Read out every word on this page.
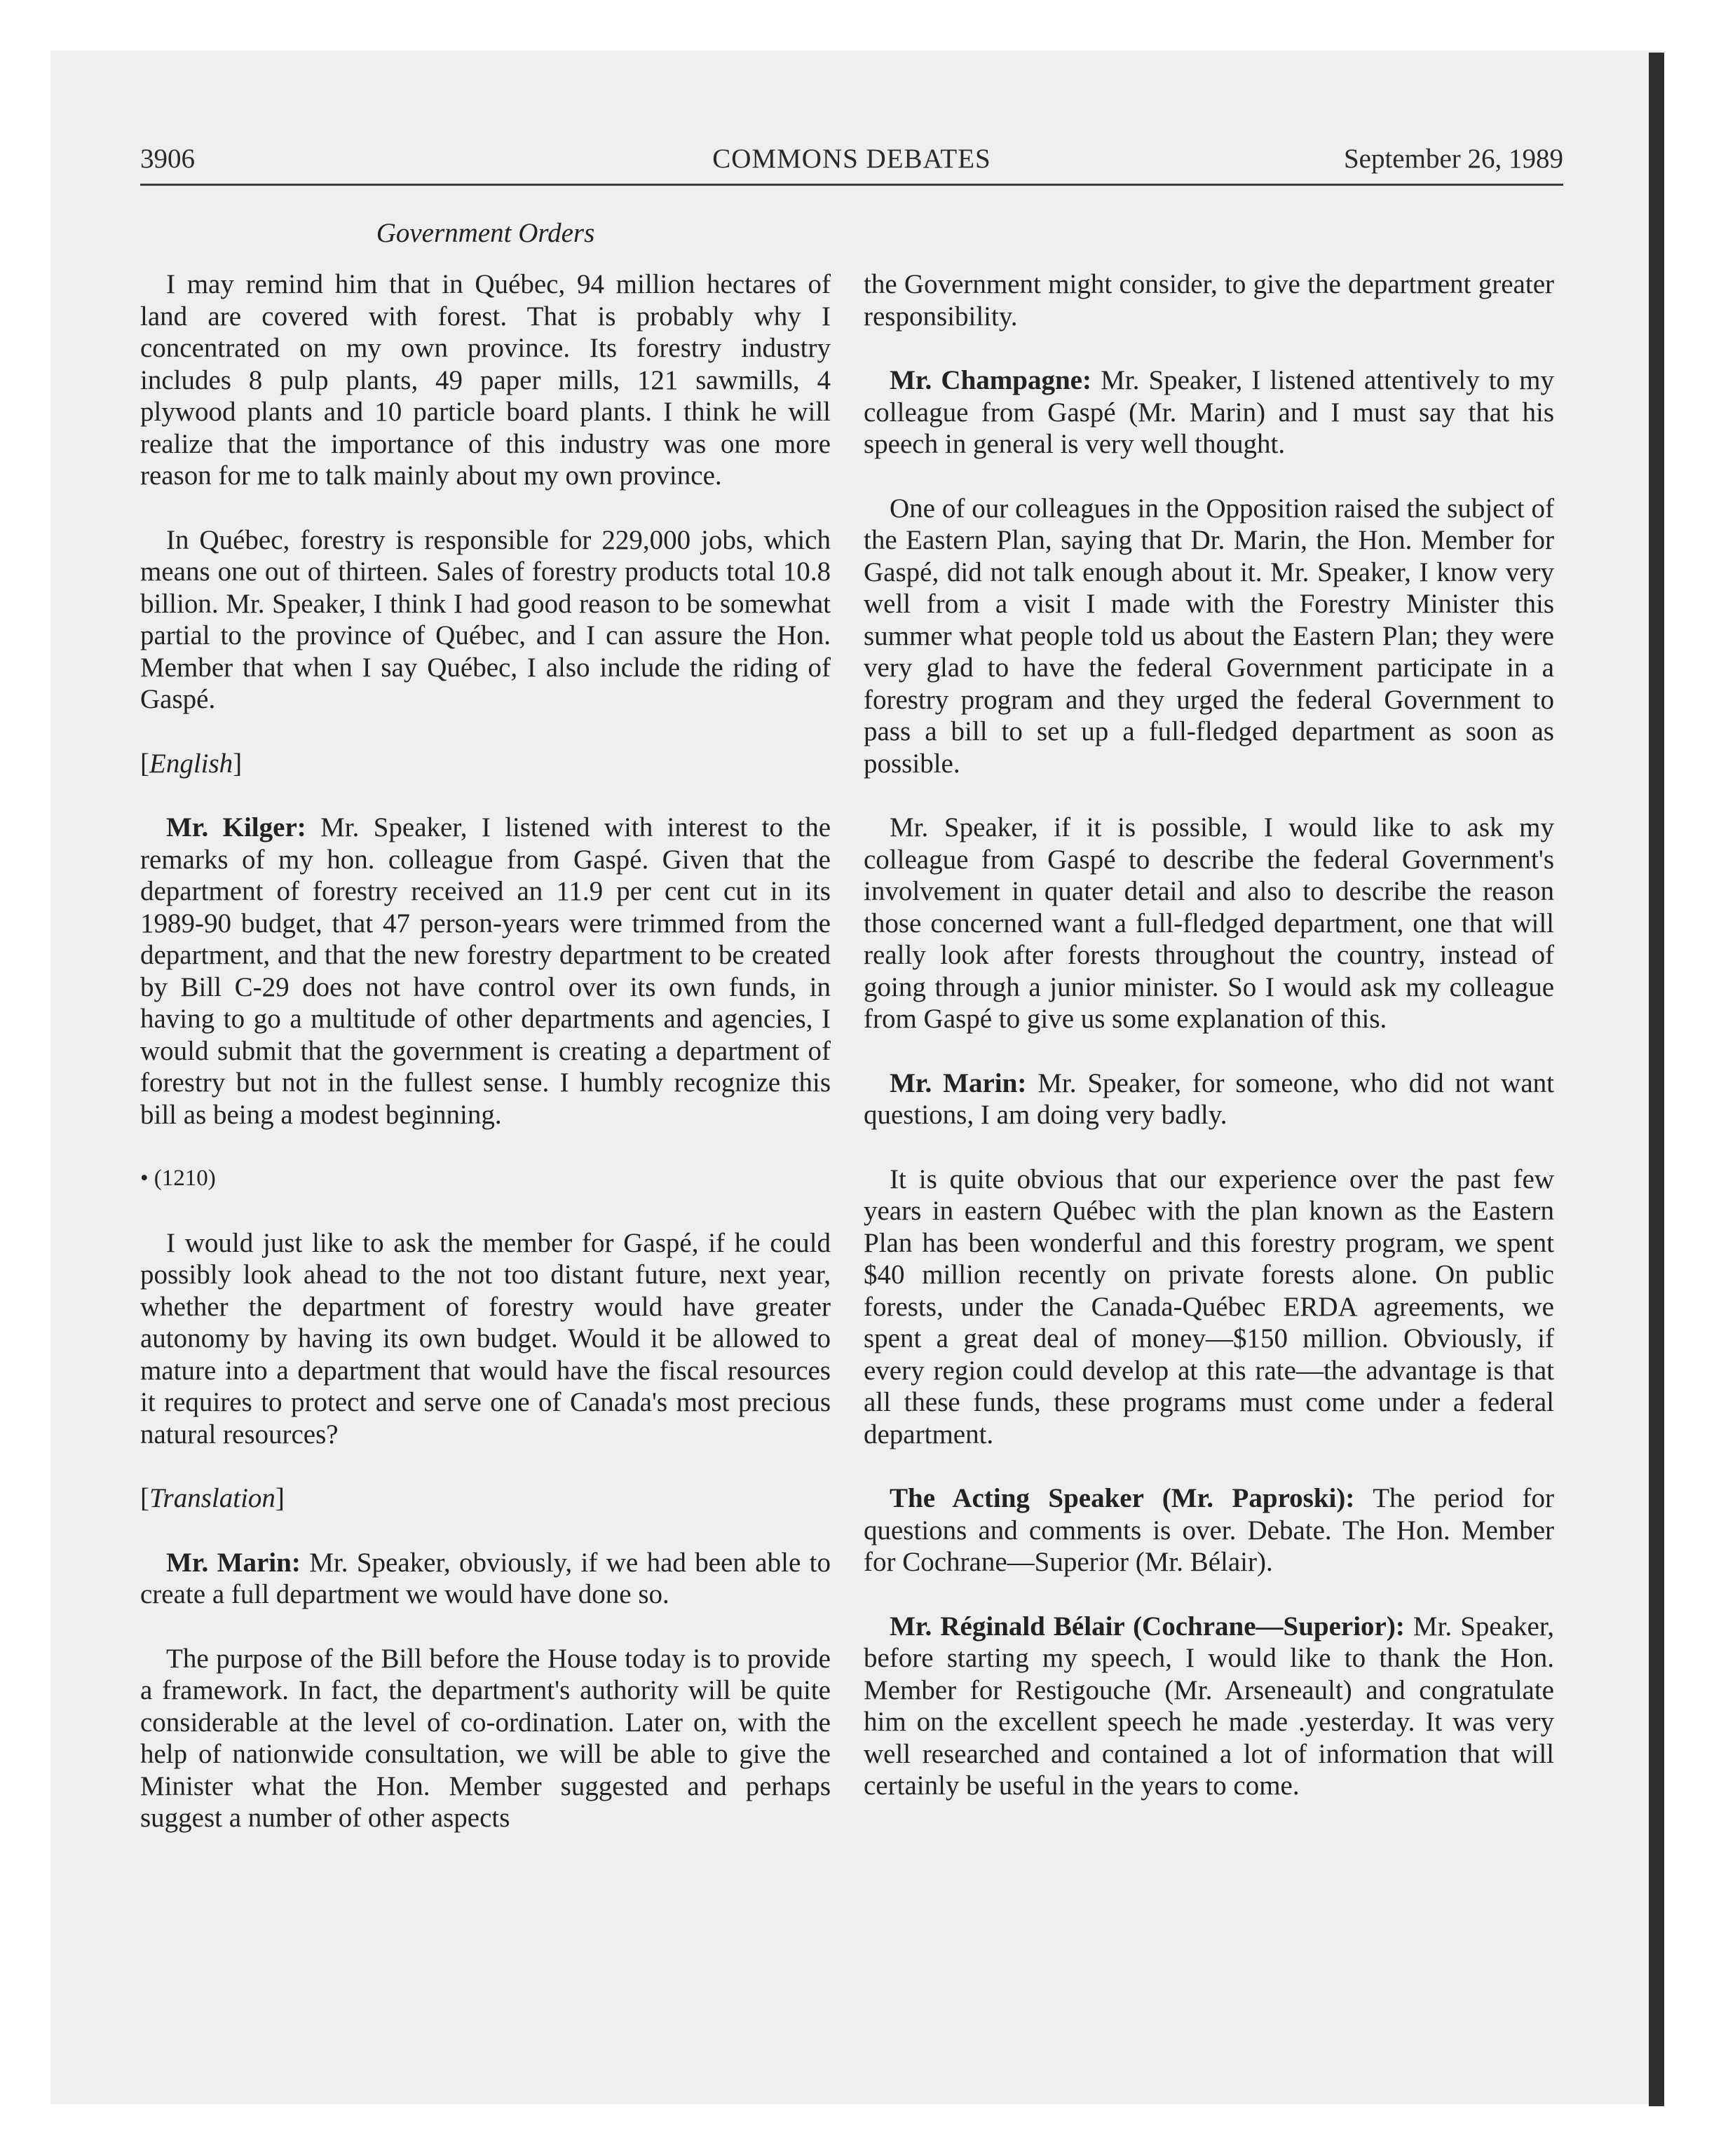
3906	COMMONS DEBATES	September 26, 1989
Government Orders

I may remind him that in Québec, 94 million hectares of land are covered with forest. That is probably why I concentrated on my own province. Its forestry industry includes 8 pulp plants, 49 paper mills, 121 sawmills, 4 plywood plants and 10 particle board plants. I think he will realize that the importance of this industry was one more reason for me to talk mainly about my own province.

In Québec, forestry is responsible for 229,000 jobs, which means one out of thirteen. Sales of forestry products total 10.8 billion. Mr. Speaker, I think I had good reason to be somewhat partial to the province of Québec, and I can assure the Hon. Member that when I say Québec, I also include the riding of Gaspé.

[English]

Mr. Kilger: Mr. Speaker, I listened with interest to the remarks of my hon. colleague from Gaspé. Given that the department of forestry received an 11.9 per cent cut in its 1989-90 budget, that 47 person-years were trimmed from the department, and that the new forestry department to be created by Bill C-29 does not have control over its own funds, in having to go a multitude of other departments and agencies, I would submit that the government is creating a department of forestry but not in the fullest sense. I humbly recognize this bill as being a modest beginning.

• (1210)

I would just like to ask the member for Gaspé, if he could possibly look ahead to the not too distant future, next year, whether the department of forestry would have greater autonomy by having its own budget. Would it be allowed to mature into a department that would have the fiscal resources it requires to protect and serve one of Canada's most precious natural resources?

[Translation]

Mr. Marin: Mr. Speaker, obviously, if we had been able to create a full department we would have done so.

The purpose of the Bill before the House today is to provide a framework. In fact, the department's authority will be quite considerable at the level of co-ordination. Later on, with the help of nationwide consultation, we will be able to give the Minister what the Hon. Member suggested and perhaps suggest a number of other aspects

the Government might consider, to give the department greater responsibility.

Mr. Champagne: Mr. Speaker, I listened attentively to my colleague from Gaspé (Mr. Marin) and I must say that his speech in general is very well thought.

One of our colleagues in the Opposition raised the subject of the Eastern Plan, saying that Dr. Marin, the Hon. Member for Gaspé, did not talk enough about it. Mr. Speaker, I know very well from a visit I made with the Forestry Minister this summer what people told us about the Eastern Plan; they were very glad to have the federal Government participate in a forestry program and they urged the federal Government to pass a bill to set up a full-fledged department as soon as possible.

Mr. Speaker, if it is possible, I would like to ask my colleague from Gaspé to describe the federal Government's involvement in quater detail and also to describe the reason those concerned want a full-fledged department, one that will really look after forests throughout the country, instead of going through a junior minister. So I would ask my colleague from Gaspé to give us some explanation of this.

Mr. Marin: Mr. Speaker, for someone, who did not want questions, I am doing very badly.

It is quite obvious that our experience over the past few years in eastern Québec with the plan known as the Eastern Plan has been wonderful and this forestry program, we spent $40 million recently on private forests alone. On public forests, under the Canada-Québec ERDA agreements, we spent a great deal of money—$150 million. Obviously, if every region could develop at this rate—the advantage is that all these funds, these programs must come under a federal department.

The Acting Speaker (Mr. Paproski): The period for questions and comments is over. Debate. The Hon. Member for Cochrane—Superior (Mr. Bélair).

Mr. Réginald Bélair (Cochrane—Superior): Mr. Speaker, before starting my speech, I would like to thank the Hon. Member for Restigouche (Mr. Arseneault) and congratulate him on the excellent speech he made .yesterday. It was very well researched and contained a lot of information that will certainly be useful in the years to come.
